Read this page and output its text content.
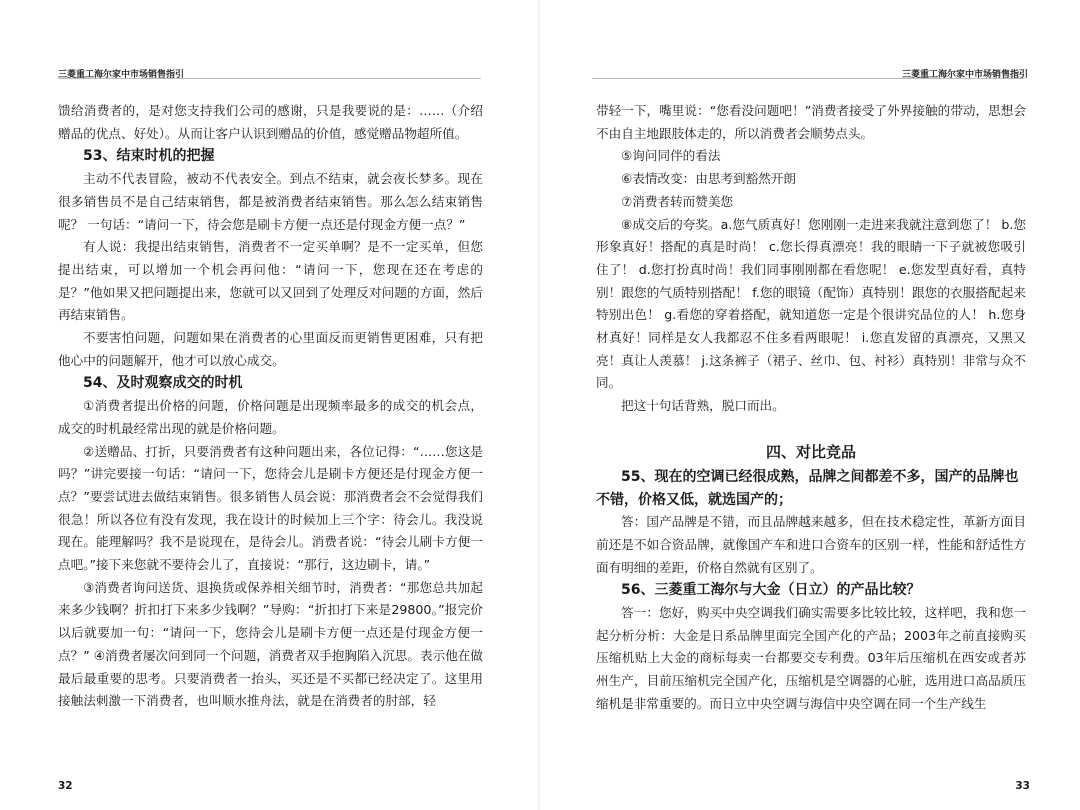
三菱重工海尔家中市场销售指引

馈给消费者的，是对您支持我们公司的感谢，只是我要说的是：……（介绍赠品的优点、好处）。从而让客户认识到赠品的价值，感觉赠品物超所值。

53、结束时机的把握

主动不代表冒险，被动不代表安全。到点不结束，就会夜长梦多。现在很多销售员不是自己结束销售，都是被消费者结束销售。那么怎么结束销售呢？ 一句话：“请问一下，待会您是刷卡方便一点还是付现金方便一点？”

有人说：我提出结束销售，消费者不一定买单啊？是不一定买单，但您提出结束，可以增加一个机会再问他：“请问一下，您现在还在考虑的是？”他如果又把问题提出来，您就可以又回到了处理反对问题的方面，然后再结束销售。

不要害怕问题，问题如果在消费者的心里面反而更销售更困难，只有把他心中的问题解开，他才可以放心成交。

54、及时观察成交的时机

①消费者提出价格的问题，价格问题是出现频率最多的成交的机会点，成交的时机最经常出现的就是价格问题。

②送赠品、打折，只要消费者有这种问题出来，各位记得：“……您这是吗？”讲完要接一句话：“请问一下，您待会儿是刷卡方便还是付现金方便一点？”要尝试进去做结束销售。很多销售人员会说：那消费者会不会觉得我们很急！所以各位有没有发现，我在设计的时候加上三个字：待会儿。我没说现在。能理解吗？我不是说现在，是待会儿。消费者说：“待会儿刷卡方便一点吧。”接下来您就不要待会儿了，直接说：“那行，这边刷卡，请。”

③消费者询问送货、退换货或保养相关细节时，消费者：“那您总共加起来多少钱啊？折扣打下来多少钱啊？”导购：“折扣打下来是29800。”报完价以后就要加一句：“请问一下，您待会儿是刷卡方便一点还是付现金方便一点？” ④消费者屡次问到同一个问题，消费者双手抱胸陷入沉思。表示他在做最后最重要的思考。只要消费者一抬头，买还是不买都已经决定了。这里用接触法刺激一下消费者，也叫顺水推舟法，就是在消费者的肘部，轻

32
三菱重工海尔家中市场销售指引

带轻一下，嘴里说：“您看没问题吧！”消费者接受了外界接触的带动，思想会不由自主地跟肢体走的，所以消费者会顺势点头。

⑤询问同伴的看法

⑥表情改变：由思考到豁然开朗

⑦消费者转而赞美您

⑧成交后的夸奖。a.您气质真好！您刚刚一走进来我就注意到您了！ b.您形象真好！搭配的真是时尚！ c.您长得真漂亮！我的眼睛一下子就被您吸引住了！ d.您打扮真时尚！我们同事刚刚都在看您呢！ e.您发型真好看，真特别！跟您的气质特别搭配！ f.您的眼镜（配饰）真特别！跟您的衣服搭配起来特别出色！ g.看您的穿着搭配，就知道您一定是个很讲究品位的人！ h.您身材真好！同样是女人我都忍不住多看两眼呢！ i.您直发留的真漂亮，又黑又亮！真让人羡慕！ j.这条裤子（裙子、丝巾、包、衬衫）真特别！非常与众不同。

把这十句话背熟，脱口而出。

四、对比竞品
55、现在的空调已经很成熟，品牌之间都差不多，国产的品牌也不错，价格又低，就选国产的；

答：国产品牌是不错，而且品牌越来越多，但在技术稳定性，革新方面目前还是不如合资品牌，就像国产车和进口合资车的区别一样，性能和舒适性方面有明细的差距，价格自然就有区别了。

56、三菱重工海尔与大金（日立）的产品比较？

答一：您好，购买中央空调我们确实需要多比较比较，这样吧，我和您一起分析分析：大金是日系品牌里面完全国产化的产品；2003年之前直接购买压缩机贴上大金的商标每卖一台都要交专利费。03年后压缩机在西安或者苏州生产，目前压缩机完全国产化，压缩机是空调器的心脏，选用进口高品质压缩机是非常重要的。而日立中央空调与海信中央空调在同一个生产线生

33
